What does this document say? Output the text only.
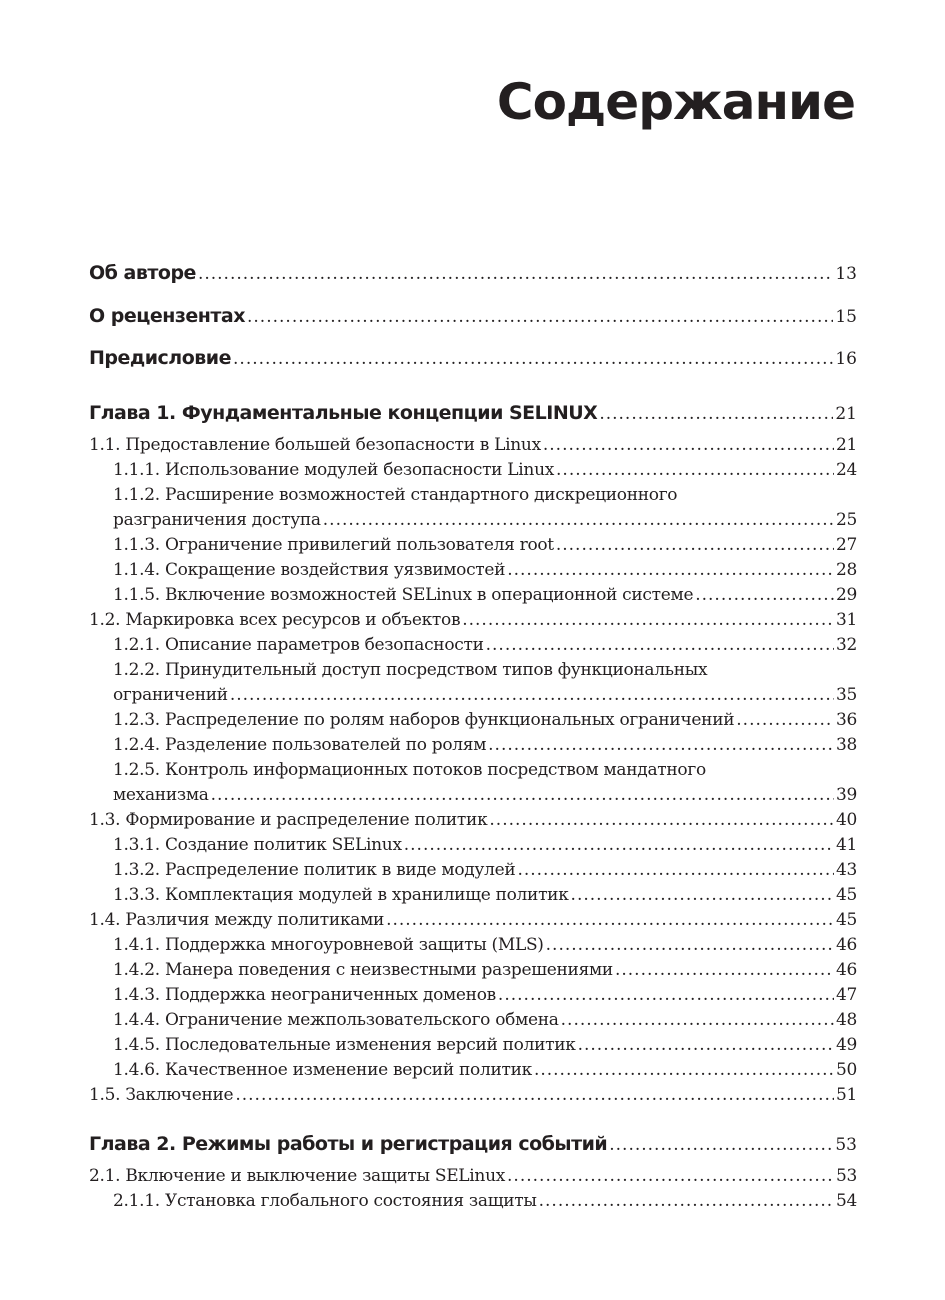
Содержание
Об авторе .....	13
О рецензентах .....	15
Предисловие .....	16
Глава 1. Фундаментальные концепции SELINUX .....	21
1.1. Предоставление большей безопасности в Linux .....	21
1.1.1. Использование модулей безопасности Linux .....	24
1.1.2. Расширение возможностей стандартного дискреционного
разграничения доступа .....	25
1.1.3. Ограничение привилегий пользователя root .....	27
1.1.4. Сокращение воздействия уязвимостей .....	28
1.1.5. Включение возможностей SELinux в операционной системе .....	29
1.2. Маркировка всех ресурсов и объектов .....	31
1.2.1. Описание параметров безопасности .....	32
1.2.2. Принудительный доступ посредством типов функциональных
ограничений .....	35
1.2.3. Распределение по ролям наборов функциональных ограничений .....	36
1.2.4. Разделение пользователей по ролям .....	38
1.2.5. Контроль информационных потоков посредством мандатного
механизма .....	39
1.3. Формирование и распределение политик .....	40
1.3.1. Создание политик SELinux .....	41
1.3.2. Распределение политик в виде модулей .....	43
1.3.3. Комплектация модулей в хранилище политик .....	45
1.4. Различия между политиками .....	45
1.4.1. Поддержка многоуровневой защиты (MLS) .....	46
1.4.2. Манера поведения с неизвестными разрешениями .....	46
1.4.3. Поддержка неограниченных доменов .....	47
1.4.4. Ограничение межпользовательского обмена .....	48
1.4.5. Последовательные изменения версий политик .....	49
1.4.6. Качественное изменение версий политик .....	50
1.5. Заключение .....	51
Глава 2. Режимы работы и регистрация событий .....	53
2.1. Включение и выключение защиты SELinux .....	53
2.1.1. Установка глобального состояния защиты .....	54
